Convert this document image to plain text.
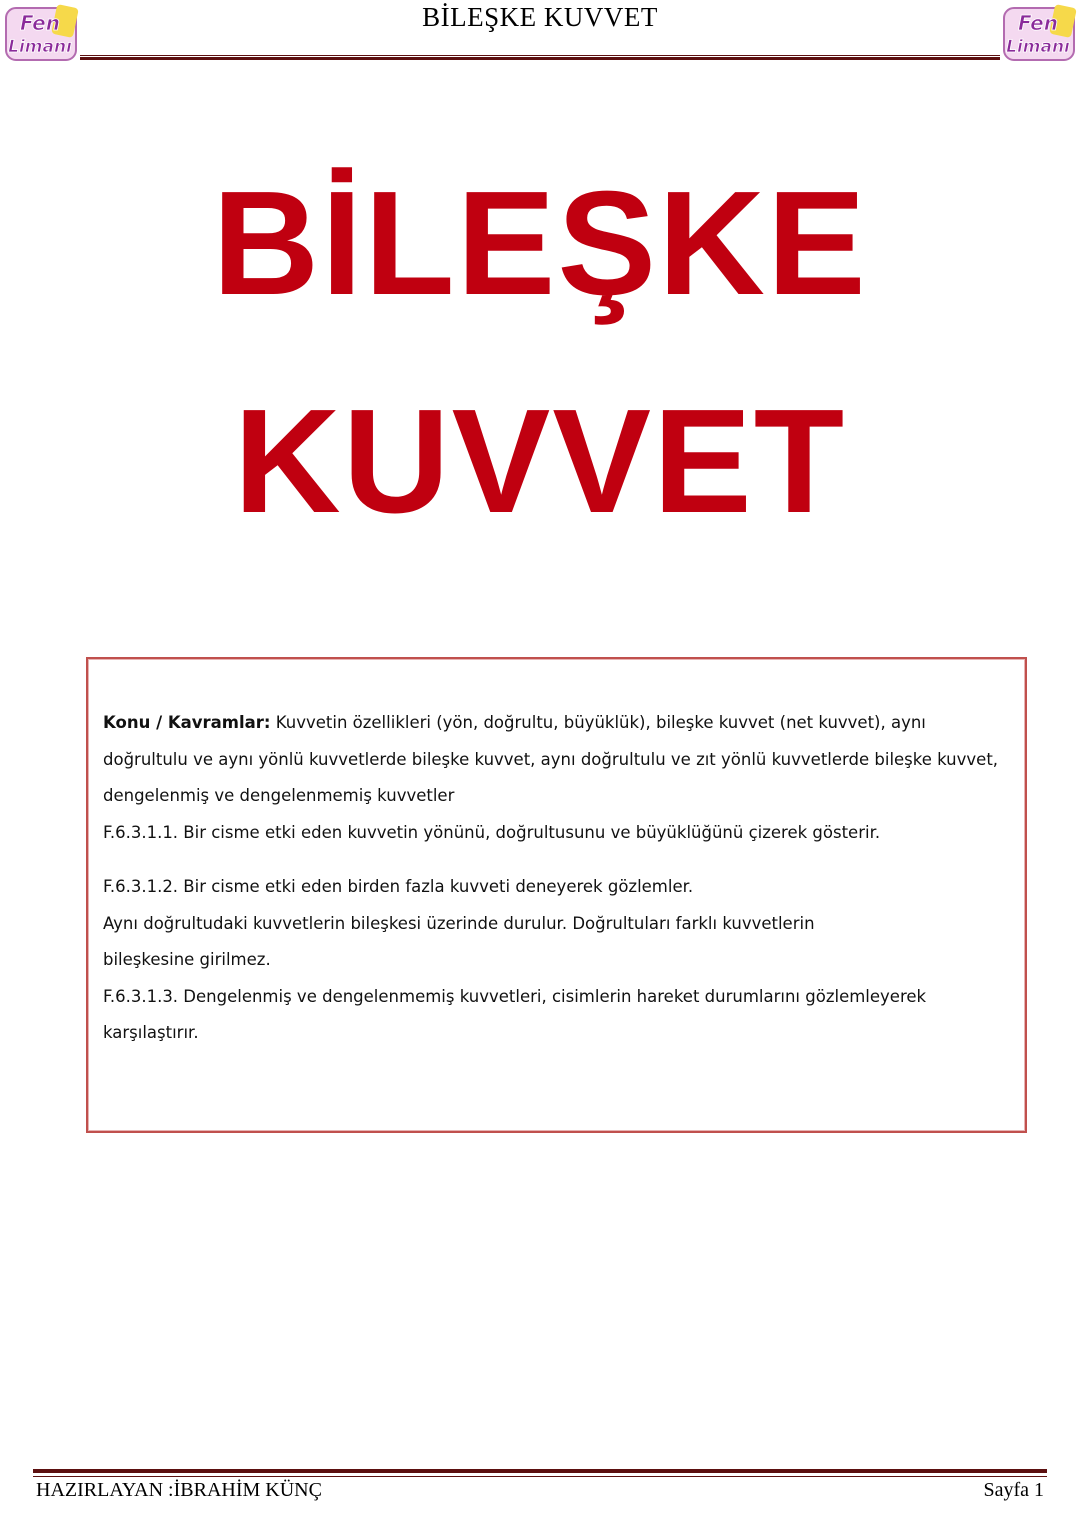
Fen
Limanı
BİLEŞKE KUVVET	Fen
Limanı
BİLEŞKE
KUVVET

Konu / Kavramlar: Kuvvetin özellikleri (yön, doğrultu, büyüklük), bileşke kuvvet (net kuvvet), aynı doğrultulu ve aynı yönlü kuvvetlerde bileşke kuvvet, aynı doğrultulu ve zıt yönlü kuvvetlerde bileşke kuvvet, dengelenmiş ve dengelenmemiş kuvvetler

F.6.3.1.1. Bir cisme etki eden kuvvetin yönünü, doğrultusunu ve büyüklüğünü çizerek gösterir.

F.6.3.1.2. Bir cisme etki eden birden fazla kuvveti deneyerek gözlemler.

Aynı doğrultudaki kuvvetlerin bileşkesi üzerinde durulur. Doğrultuları farklı kuvvetlerin bileşkesine girilmez.

F.6.3.1.3. Dengelenmiş ve dengelenmemiş kuvvetleri, cisimlerin hareket durumlarını gözlemleyerek karşılaştırır.

HAZIRLAYAN :İBRAHİM KÜNÇ	Sayfa 1
